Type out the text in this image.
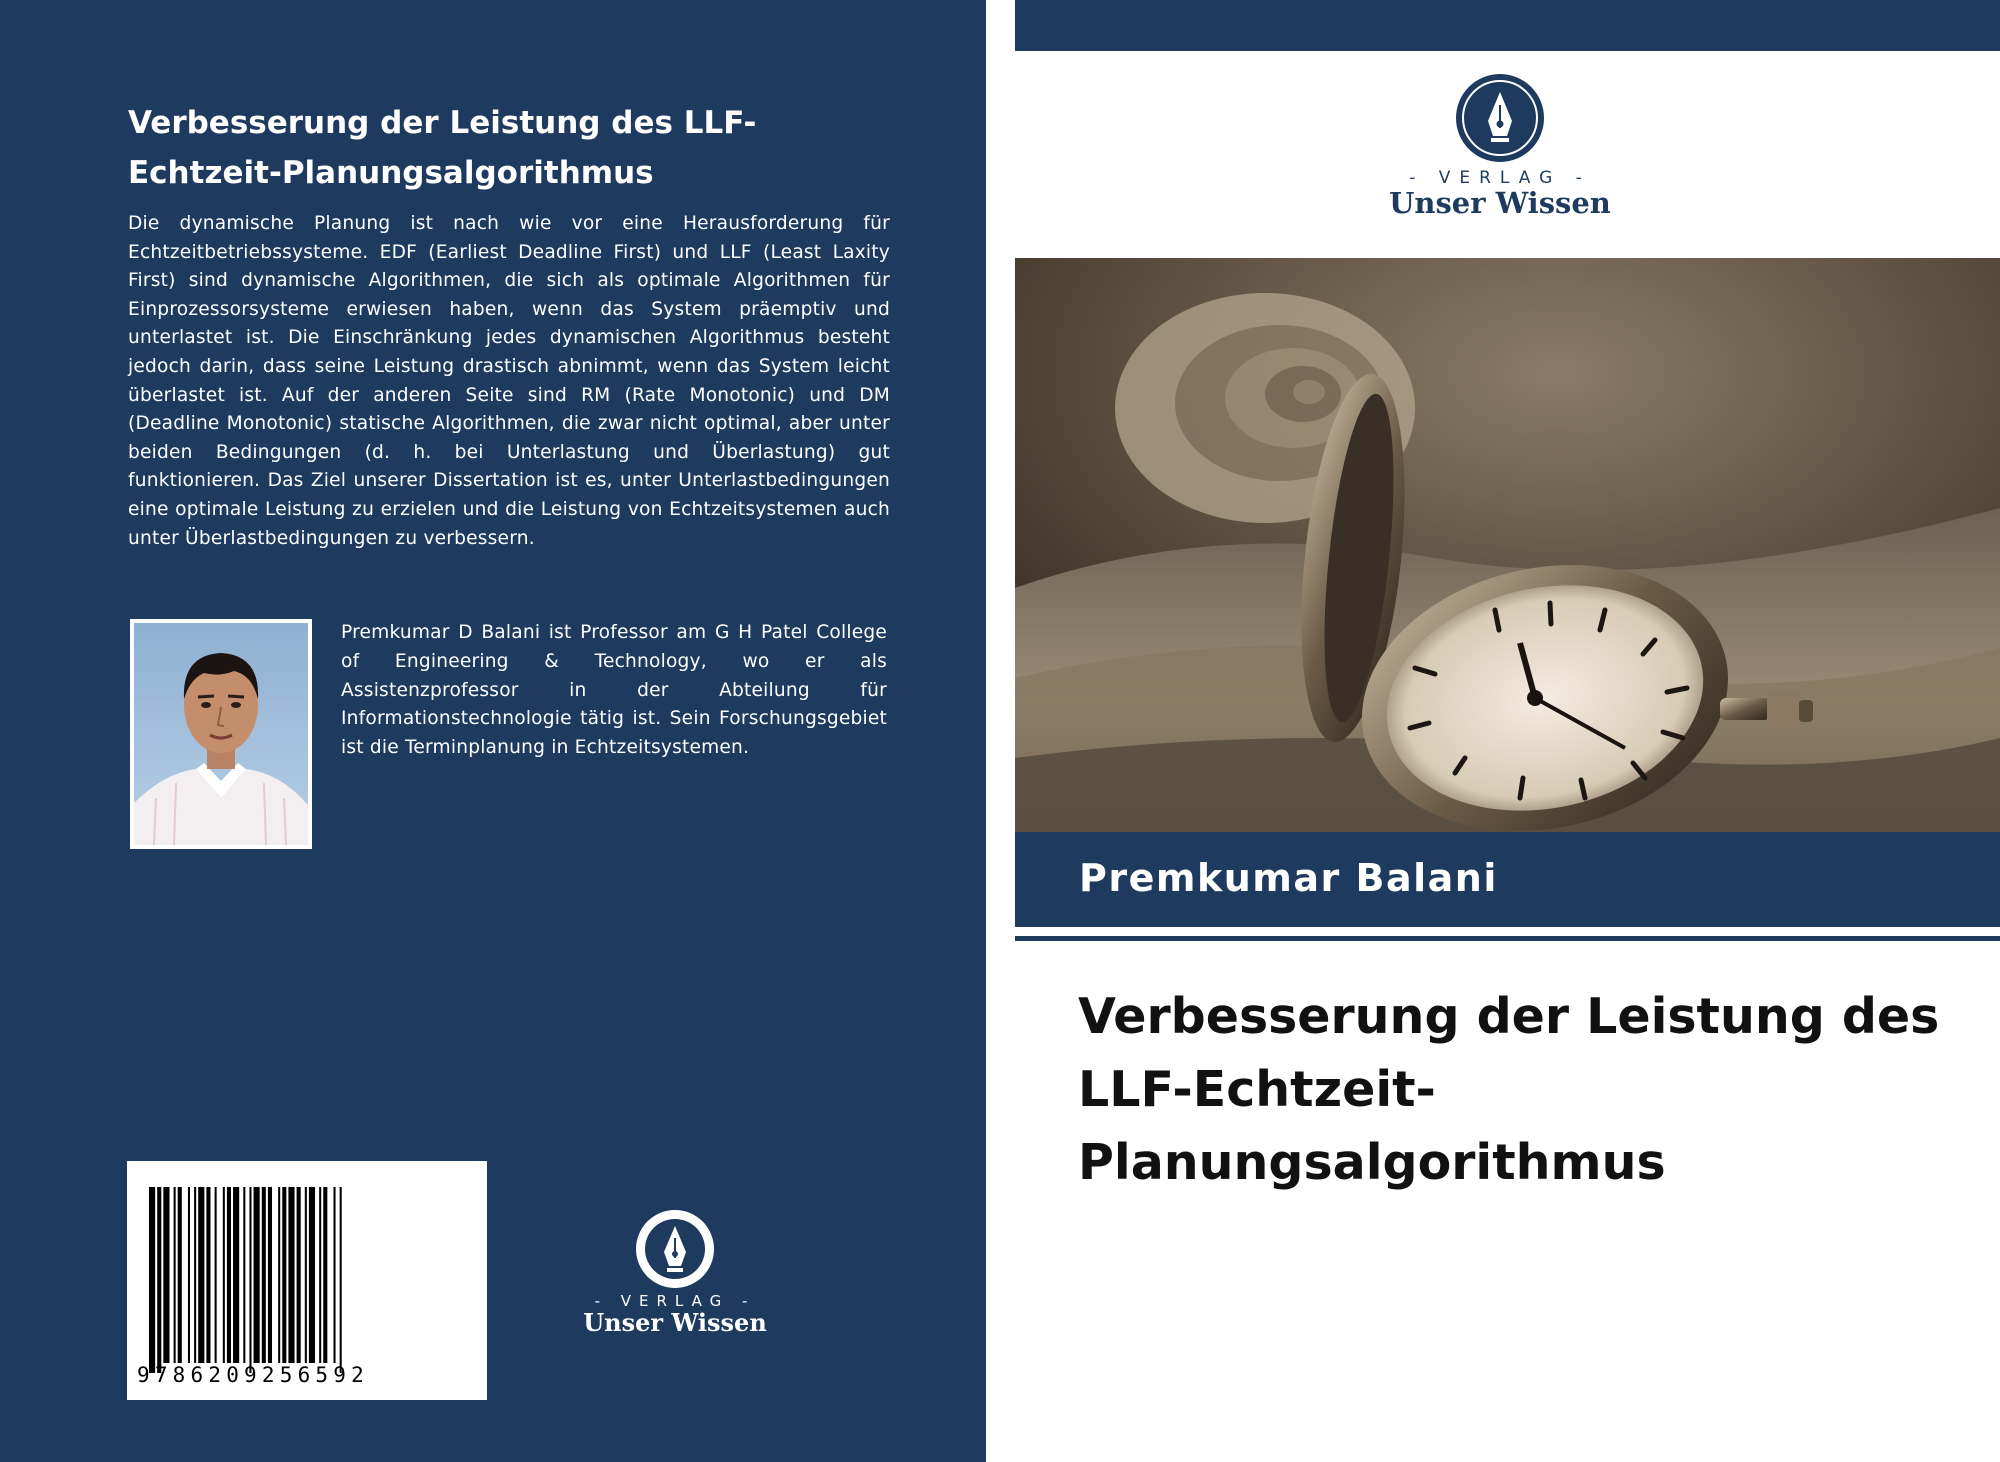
Verbesserung der Leistung des LLF-Echtzeit-Planungsalgorithmus
Die dynamische Planung ist nach wie vor eine Herausforderung für Echtzeitbetriebssysteme. EDF (Earliest Deadline First) und LLF (Least Laxity First) sind dynamische Algorithmen, die sich als optimale Algorithmen für Einprozessorsysteme erwiesen haben, wenn das System präemptiv und unterlastet ist. Die Einschränkung jedes dynamischen Algorithmus besteht jedoch darin, dass seine Leistung drastisch abnimmt, wenn das System leicht überlastet ist. Auf der anderen Seite sind RM (Rate Monotonic) und DM (Deadline Monotonic) statische Algorithmen, die zwar nicht optimal, aber unter beiden Bedingungen (d. h. bei Unterlastung und Überlastung) gut funktionieren. Das Ziel unserer Dissertation ist es, unter Unterlastbedingungen eine optimale Leistung zu erzielen und die Leistung von Echtzeitsystemen auch unter Überlastbedingungen zu verbessern.
Premkumar D Balani ist Professor am G H Patel College of Engineering & Technology, wo er als Assistenzprofessor in der Abteilung für Informationstechnologie tätig ist. Sein Forschungsgebiet ist die Terminplanung in Echtzeitsystemen.
9786209256592
- VERLAG -
Unser Wissen
- VERLAG -
Unser Wissen
Premkumar Balani
Verbesserung der Leistung des LLF-Echtzeit-Planungsalgorithmus
